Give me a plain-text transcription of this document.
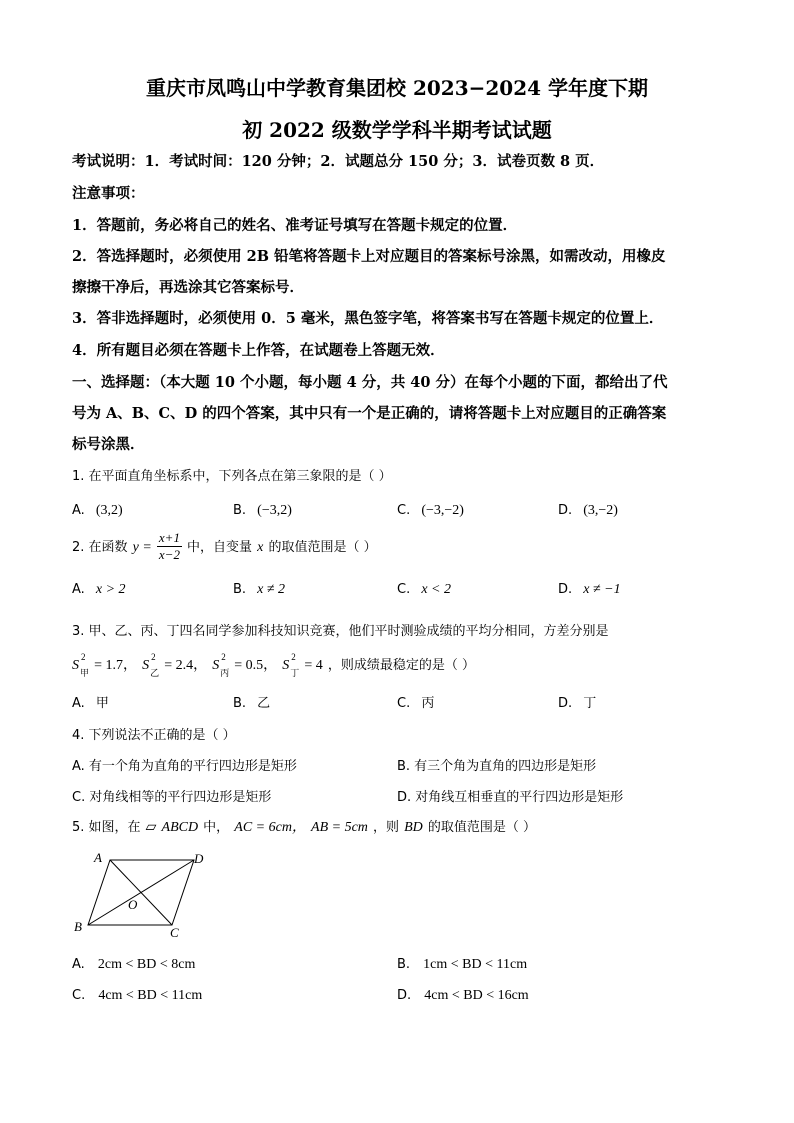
重庆市凤鸣山中学教育集团校 2023−2024 学年度下期
初 2022 级数学学科半期考试试题
考试说明：1．考试时间：120 分钟；2．试题总分 150 分；3．试卷页数 8 页．
注意事项：
1．答题前，务必将自己的姓名、准考证号填写在答题卡规定的位置．
2．答选择题时，必须使用 2B 铅笔将答题卡上对应题目的答案标号涂黑，如需改动，用橡皮
擦擦干净后，再选涂其它答案标号．
3．答非选择题时，必须使用 0．5 毫米，黑色签字笔，将答案书写在答题卡规定的位置上．
4．所有题目必须在答题卡上作答，在试题卷上答题无效．
一、选择题：（本大题 10 个小题，每小题 4 分，共 40 分）在每个小题的下面，都给出了代
号为 A、B、C、D 的四个答案，其中只有一个是正确的，请将答题卡上对应题目的正确答案
标号涂黑．
1. 在平面直角坐标系中，下列各点在第三象限的是（ ）
A. (3,2)	B. (−3,2)	C. (−3,−2)	D. (3,−2)
2. 在函数 $y = \frac{x+1}{x-2}$ 中，自变量 x 的取值范围是（ ）
A. x > 2	B. x ≠ 2	C. x < 2	D. x ≠ −1
3. 甲、乙、丙、丁四名同学参加科技知识竞赛，他们平时测验成绩的平均分相同，方差分别是
S
2
甲
= 1.7， S
2
乙
= 2.4， S
2
丙
= 0.5， S
2
丁
= 4 ，则成绩最稳定的是（ ）
A. 甲	B. 乙	C. 丙	D. 丁
4. 下列说法不正确的是（ ）
A. 有一个角为直角的平行四边形是矩形	B. 有三个角为直角的四边形是矩形
C. 对角线相等的平行四边形是矩形	D. 对角线互相垂直的平行四边形是矩形
5. 如图，在 ▱ ABCD 中， AC = 6cm， AB = 5cm ，则 BD 的取值范围是（ ）
A	D
B	C
O
A. 2cm < BD < 8cm	B. 1cm < BD < 11cm
C. 4cm < BD < 11cm	D. 4cm < BD < 16cm
